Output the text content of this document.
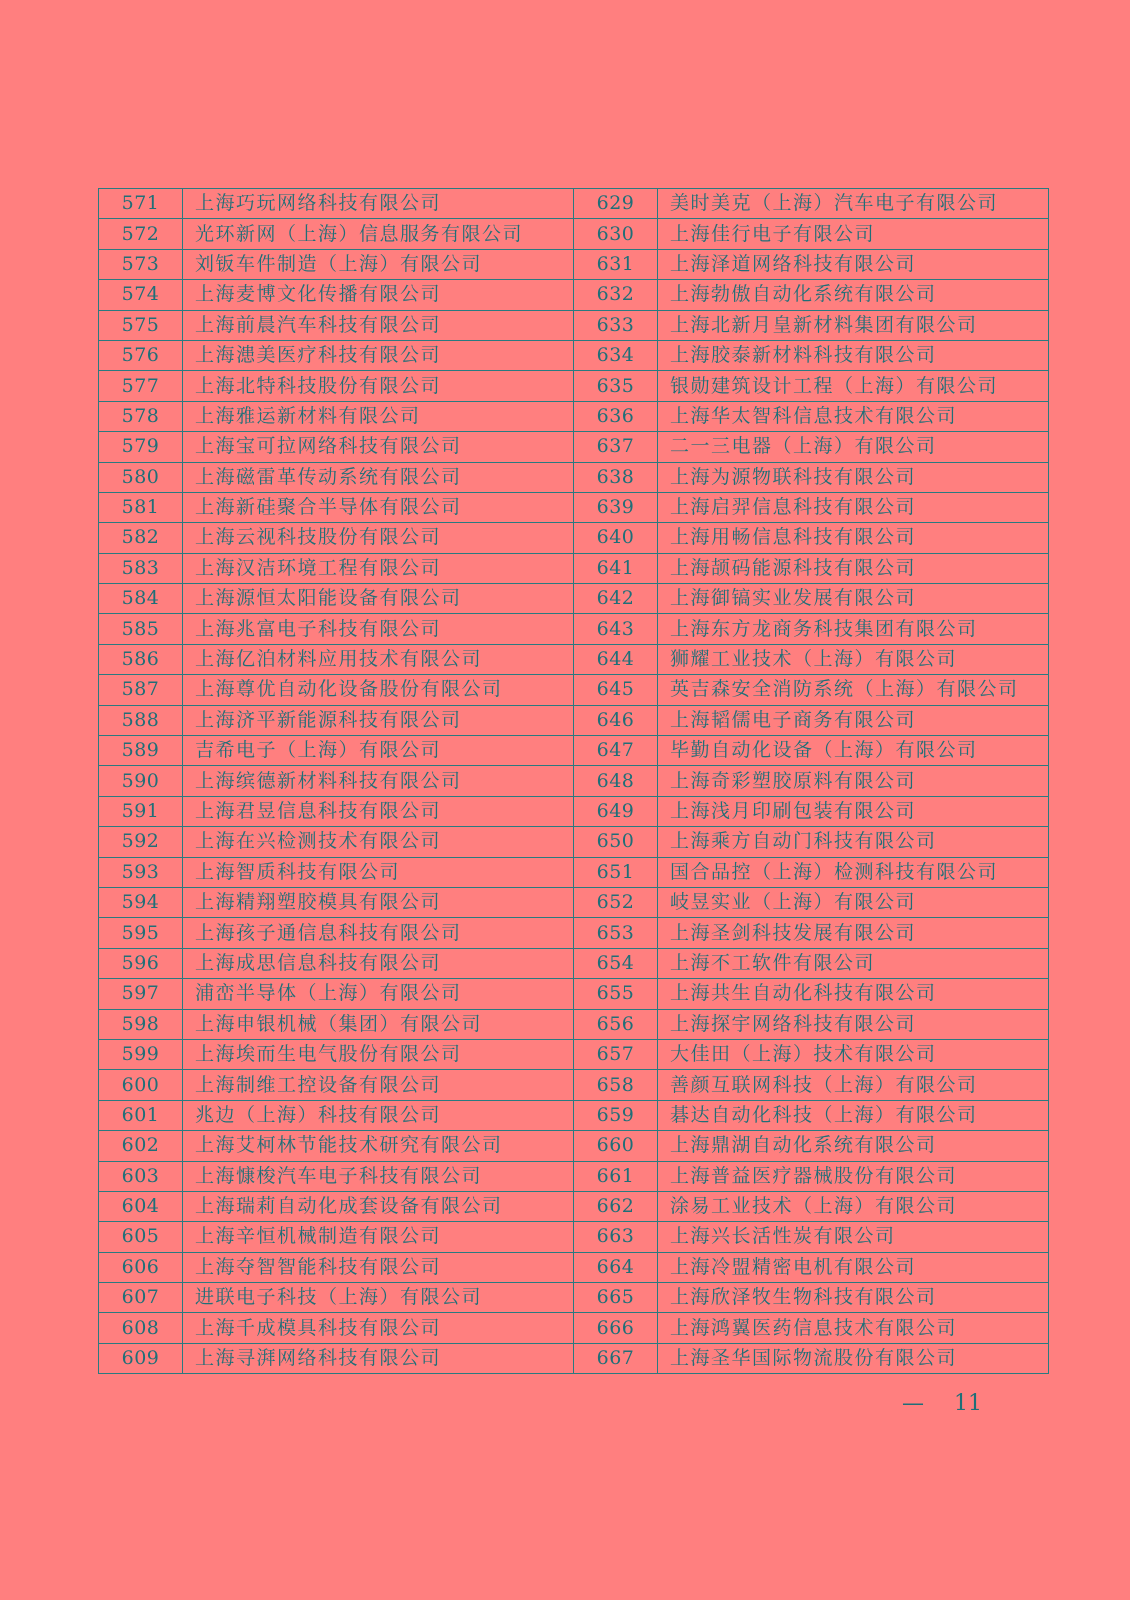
571	上海巧玩网络科技有限公司	629	美时美克（上海）汽车电子有限公司
572	光环新网（上海）信息服务有限公司	630	上海佳行电子有限公司
573	刘钣车件制造（上海）有限公司	631	上海泽道网络科技有限公司
574	上海麦博文化传播有限公司	632	上海勃傲自动化系统有限公司
575	上海前晨汽车科技有限公司	633	上海北新月皇新材料集团有限公司
576	上海漶美医疗科技有限公司	634	上海胶泰新材料科技有限公司
577	上海北特科技股份有限公司	635	银勋建筑设计工程（上海）有限公司
578	上海雅运新材料有限公司	636	上海华太智科信息技术有限公司
579	上海宝可拉网络科技有限公司	637	二一三电器（上海）有限公司
580	上海磁雷革传动系统有限公司	638	上海为源物联科技有限公司
581	上海新硅聚合半导体有限公司	639	上海启羿信息科技有限公司
582	上海云视科技股份有限公司	640	上海用畅信息科技有限公司
583	上海汉洁环境工程有限公司	641	上海颉码能源科技有限公司
584	上海源恒太阳能设备有限公司	642	上海御镐实业发展有限公司
585	上海兆富电子科技有限公司	643	上海东方龙商务科技集团有限公司
586	上海亿泊材料应用技术有限公司	644	狮耀工业技术（上海）有限公司
587	上海尊优自动化设备股份有限公司	645	英吉森安全消防系统（上海）有限公司
588	上海济平新能源科技有限公司	646	上海韬儒电子商务有限公司
589	吉希电子（上海）有限公司	647	毕勤自动化设备（上海）有限公司
590	上海缤德新材料科技有限公司	648	上海奇彩塑胶原料有限公司
591	上海君昱信息科技有限公司	649	上海浅月印刷包装有限公司
592	上海在兴检测技术有限公司	650	上海乘方自动门科技有限公司
593	上海智质科技有限公司	651	国合品控（上海）检测科技有限公司
594	上海精翔塑胶模具有限公司	652	岐昱实业（上海）有限公司
595	上海孩子通信息科技有限公司	653	上海圣剑科技发展有限公司
596	上海成思信息科技有限公司	654	上海不工软件有限公司
597	浦峦半导体（上海）有限公司	655	上海共生自动化科技有限公司
598	上海申银机械（集团）有限公司	656	上海探宇网络科技有限公司
599	上海埃而生电气股份有限公司	657	大佳田（上海）技术有限公司
600	上海制维工控设备有限公司	658	善颜互联网科技（上海）有限公司
601	兆边（上海）科技有限公司	659	碁达自动化科技（上海）有限公司
602	上海艾柯林节能技术研究有限公司	660	上海鼎湖自动化系统有限公司
603	上海慷梭汽车电子科技有限公司	661	上海普益医疗器械股份有限公司
604	上海瑞莉自动化成套设备有限公司	662	涂易工业技术（上海）有限公司
605	上海辛恒机械制造有限公司	663	上海兴长活性炭有限公司
606	上海夺智智能科技有限公司	664	上海冷盟精密电机有限公司
607	进联电子科技（上海）有限公司	665	上海欣泽牧生物科技有限公司
608	上海千成模具科技有限公司	666	上海鸿翼医药信息技术有限公司
609	上海寻湃网络科技有限公司	667	上海圣华国际物流股份有限公司
— 11
